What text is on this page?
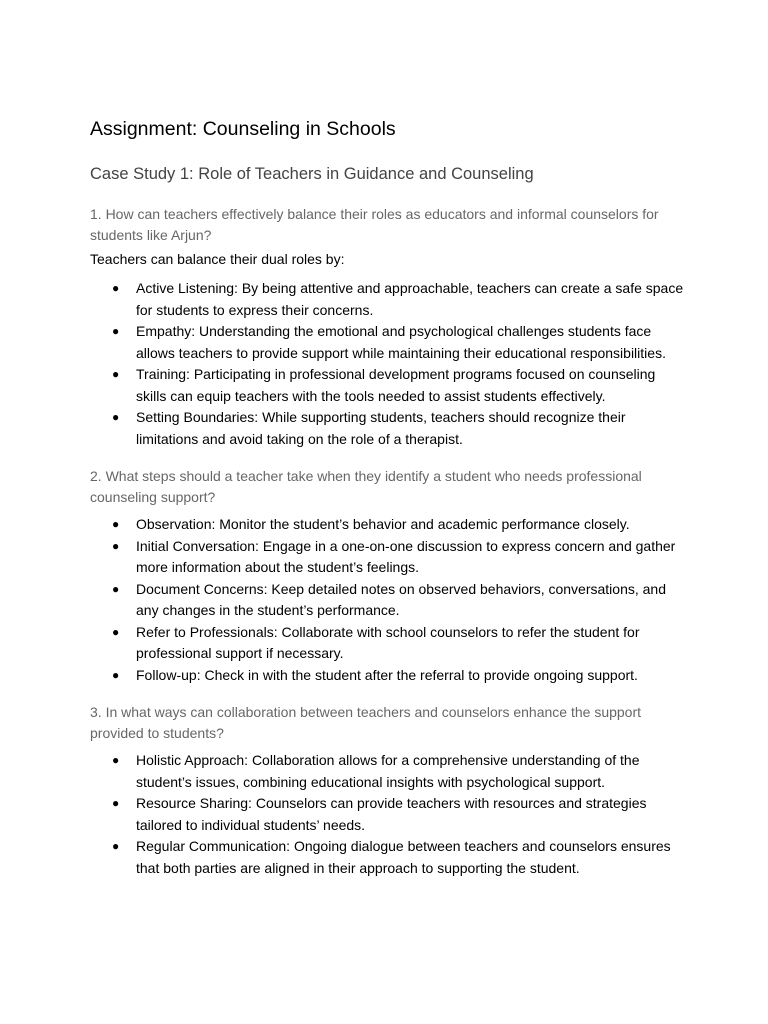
Assignment: Counseling in Schools
Case Study 1: Role of Teachers in Guidance and Counseling

1. How can teachers effectively balance their roles as educators and informal counselors for students like Arjun?

Teachers can balance their dual roles by:

● Active Listening: By being attentive and approachable, teachers can create a safe space for students to express their concerns.
● Empathy: Understanding the emotional and psychological challenges students face allows teachers to provide support while maintaining their educational responsibilities.
● Training: Participating in professional development programs focused on counseling skills can equip teachers with the tools needed to assist students effectively.
● Setting Boundaries: While supporting students, teachers should recognize their limitations and avoid taking on the role of a therapist.

2. What steps should a teacher take when they identify a student who needs professional counseling support?

● Observation: Monitor the student’s behavior and academic performance closely.
● Initial Conversation: Engage in a one-on-one discussion to express concern and gather more information about the student’s feelings.
● Document Concerns: Keep detailed notes on observed behaviors, conversations, and any changes in the student’s performance.
● Refer to Professionals: Collaborate with school counselors to refer the student for professional support if necessary.
● Follow-up: Check in with the student after the referral to provide ongoing support.

3. In what ways can collaboration between teachers and counselors enhance the support provided to students?

● Holistic Approach: Collaboration allows for a comprehensive understanding of the student’s issues, combining educational insights with psychological support.
● Resource Sharing: Counselors can provide teachers with resources and strategies tailored to individual students’ needs.
● Regular Communication: Ongoing dialogue between teachers and counselors ensures that both parties are aligned in their approach to supporting the student.
